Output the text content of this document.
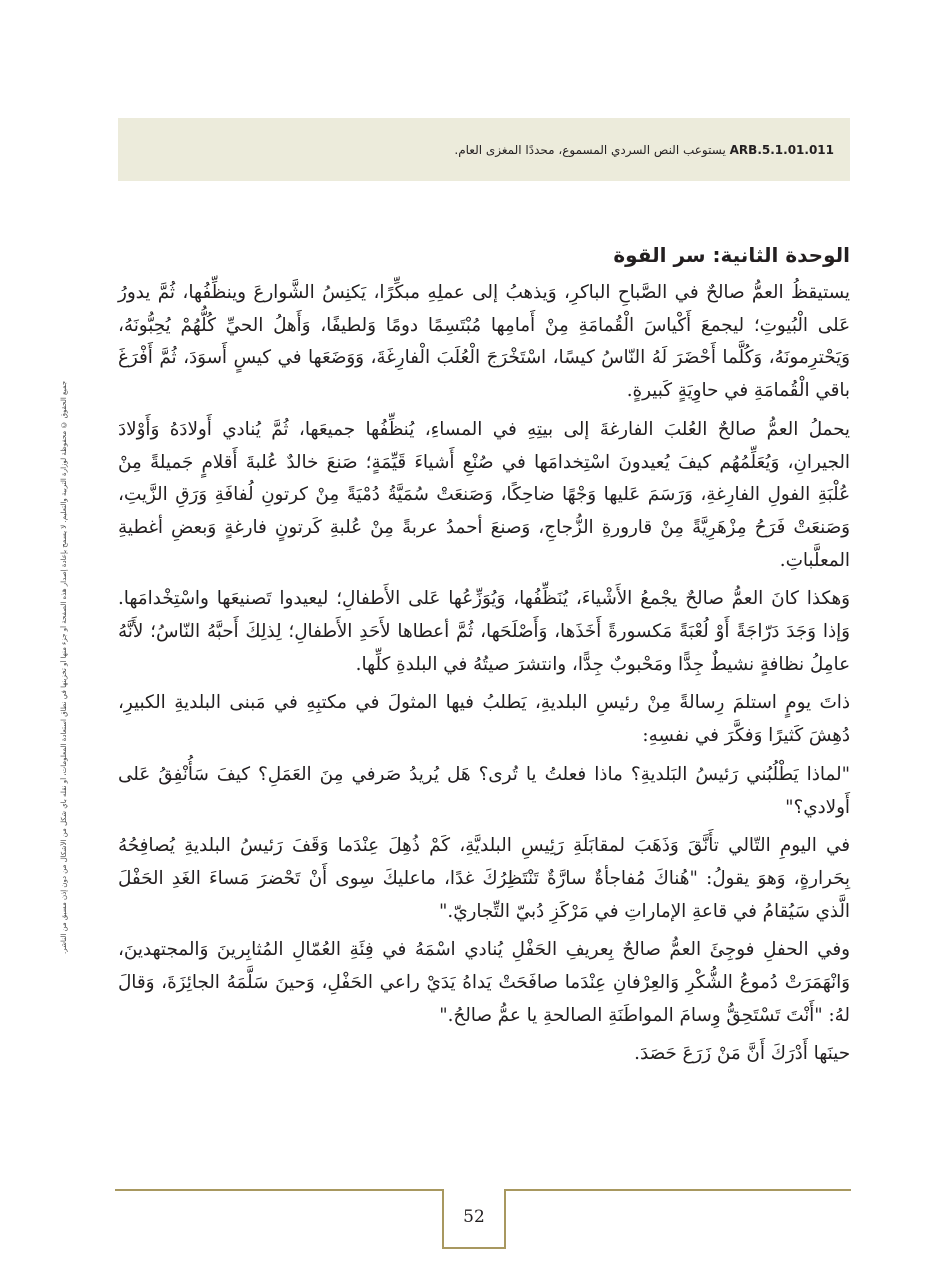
ARB.5.1.01.011 يستوعب النص السردي المسموع، محددًا المغزى العام.
جميع الحقوق © محفوظة لوزارة التربية والتعليم. لا يسمح بإعادة إصدار هذه الصفحة أو جزء منها أو تخزينها في نطاق استعادة المعلومات، أو نقله بأي شكل من الأشكال من دون إذن مسبق من الناشر.
الوحدة الثانية: سر القوة

يستيقظُ العمُّ صالحٌ في الصَّباحِ الباكرِ، وَيذهبُ إلى عملِهِ مبكِّرًا، يَكنِسُ الشَّوارعَ وينظِّفُها، ثُمَّ يدورُ عَلى الْبُيوتِ؛ ليجمعَ أَكْياسَ الْقُمامَةِ مِنْ أَمامِها مُبْتَسِمًا دومًا وَلطيفًا، وَأَهلُ الحيِّ كُلُّهُمْ يُحِبُّونَهُ، وَيَحْترِمونَهُ، وَكُلَّما أَحْضَرَ لَهُ النّاسُ كيسًا، اسْتَخْرَجَ الْعُلَبَ الْفارِغَةَ، وَوَضَعَها في كيسٍ أَسوَدَ، ثُمَّ أَفْرَغَ باقي الْقُمامَةِ في حاوِيَةٍ كَبيرةٍ.

يحملُ العمُّ صالحٌ العُلبَ الفارغةَ إلى بيتِهِ في المساءِ، يُنظِّفُها جميعَها، ثُمَّ يُنادي أَولادَهُ وَأَوْلادَ الجيرانِ، وَيُعَلِّمُهُم كيفَ يُعيدونَ اسْتِخدامَها في صُنْعِ أَشياءَ قَيِّمَةٍ؛ صَنعَ خالدٌ عُلبةَ أَقلامٍ جَميلةً مِنْ عُلْبَةِ الفولِ الفارِغةِ، وَرَسَمَ عَليها وَجْهًا ضاحِكًا، وَصَنعَتْ سُمَيَّةُ دُمْيَةً مِنْ كرتونِ لُفافَةِ وَرَقِ الزَّيتِ، وَصَنعَتْ فَرَحُ مِزْهَرِيَّةً مِنْ قارورةِ الزُّجاجِ، وَصنعَ أحمدُ عربةً مِنْ عُلبةِ كَرتونٍ فارغةٍ وَبعضِ أغطيةِ المعلَّباتِ.

وَهكذا كانَ العمُّ صالحٌ يجْمعُ الأَشْياءَ، يُنَظِّفُها، وَيُوَزِّعُها عَلى الأَطفالِ؛ ليعيدوا تَصنيعَها واسْتِخْدامَها. وَإذا وَجَدَ دَرّاجَةً أَوْ لُعْبَةً مَكسورةً أَخَذَها، وَأَصْلَحَها، ثُمَّ أعطاها لأَحَدِ الأَطفالِ؛ لِذلِكَ أَحبَّهُ النّاسُ؛ لأَنَّهُ عامِلُ نظافةٍ نشيطٌ جِدًّا ومَحْبوبٌ جِدًّا، وانتشرَ صيتُهُ في البلدةِ كلِّها.

ذاتَ يومٍ استلمَ رِسالةً مِنْ رئيسِ البلديةِ، يَطلبُ فيها المثولَ في مكتبِهِ في مَبنى البلديةِ الكبيرِ، دُهِشَ كَثيرًا وَفكَّرَ في نفسِهِ:

"لماذا يَطْلُبُني رَئيسُ البَلديةِ؟ ماذا فعلتُ يا تُرى؟ هَل يُريدُ صَرفي مِنَ العَمَلِ؟ كيفَ سَأُنْفِقُ عَلى أَولادي؟"

في اليومِ التّالي تأَنَّقَ وَذَهَبَ لمقابَلَةِ رَئِيسِ البلديَّةِ، كَمْ ذُهِلَ عِنْدَما وَقَفَ رَئيسُ البلديةِ يُصافِحُهُ بِحَرارةٍ، وَهوَ يقولُ: "هُناكَ مُفاجأةٌ سارَّةٌ تَنْتَظِرُكَ غدًا، ماعليكَ سِوى أَنْ تَحْضرَ مَساءَ الغَدِ الحَفْلَ الَّذي سَيُقامُ في قاعةِ الإماراتِ في مَرْكَزِ دُبيّ التِّجاريّ."

وفي الحفلِ فوجِئَ العمُّ صالحٌ بِعريفِ الحَفْلِ يُنادي اسْمَهُ في فِئَةِ العُمّالِ المُثابِرينَ وَالمجتهدينَ، وَانْهَمَرَتْ دُموعُ الشُّكْرِ وَالعِرْفانِ عِنْدَما صافَحَتْ يَداهُ يَدَيْ راعي الحَفْلِ، وَحينَ سَلَّمَهُ الجائِزَةَ، وَقالَ لهُ: "أَنْتَ تَسْتَحِقُّ وِسامَ المواطَنَةِ الصالحةِ يا عمُّ صالحُ."

حينَها أَدْرَكَ أَنَّ مَنْ زَرَعَ حَصَدَ.

52
